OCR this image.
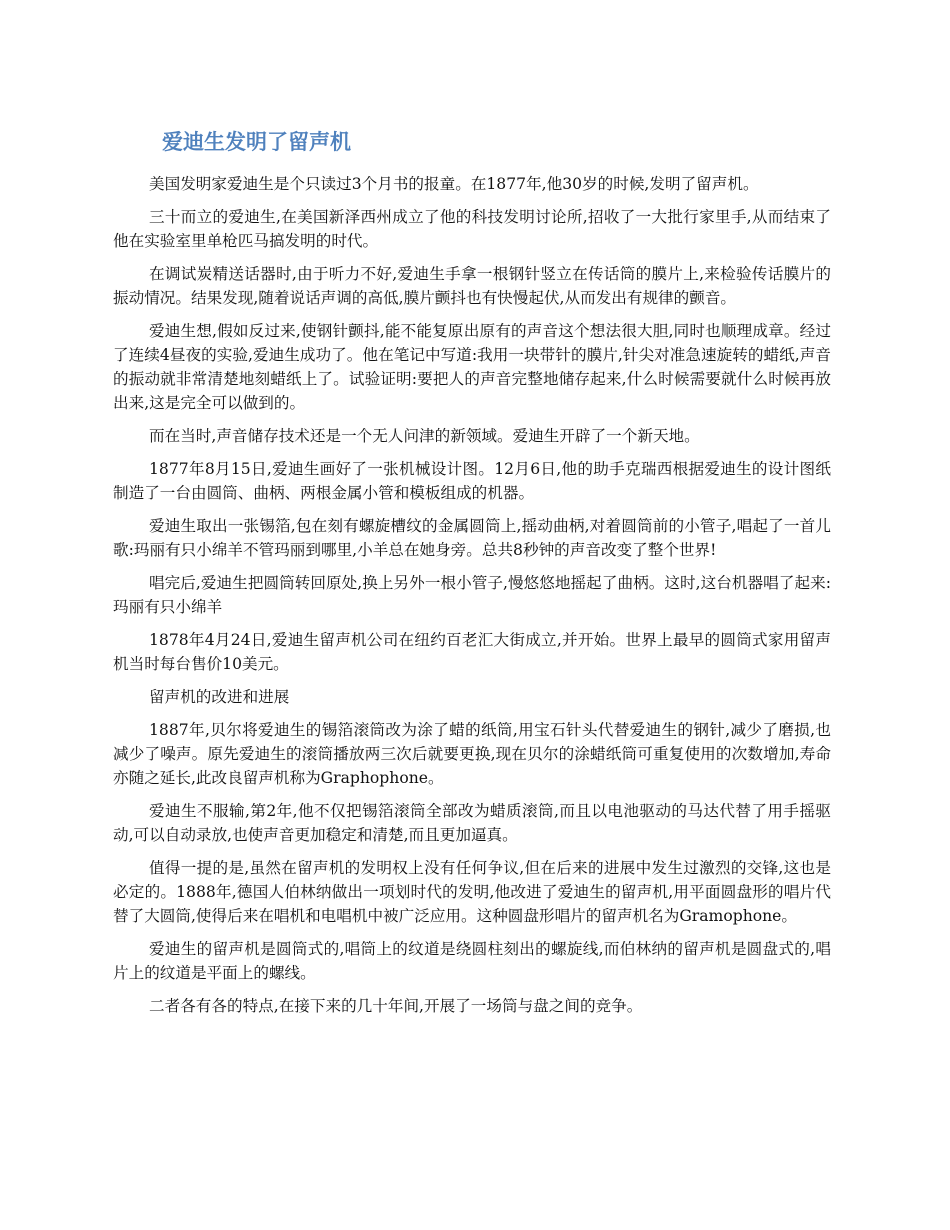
爱迪生发明了留声机

美国发明家爱迪生是个只读过3个月书的报童。在1877年,他30岁的时候,发明了留声机。

三十而立的爱迪生,在美国新泽西州成立了他的科技发明讨论所,招收了一大批行家里手,从而结束了他在实验室里单枪匹马搞发明的时代。

在调试炭精送话器时,由于听力不好,爱迪生手拿一根钢针竖立在传话筒的膜片上,来检验传话膜片的振动情况。结果发现,随着说话声调的高低,膜片颤抖也有快慢起伏,从而发出有规律的颤音。

爱迪生想,假如反过来,使钢针颤抖,能不能复原出原有的声音这个想法很大胆,同时也顺理成章。经过了连续4昼夜的实验,爱迪生成功了。他在笔记中写道:我用一块带针的膜片,针尖对准急速旋转的蜡纸,声音的振动就非常清楚地刻蜡纸上了。试验证明:要把人的声音完整地储存起来,什么时候需要就什么时候再放出来,这是完全可以做到的。

而在当时,声音储存技术还是一个无人问津的新领域。爱迪生开辟了一个新天地。

1877年8月15日,爱迪生画好了一张机械设计图。12月6日,他的助手克瑞西根据爱迪生的设计图纸制造了一台由圆筒、曲柄、两根金属小管和模板组成的机器。

爱迪生取出一张锡箔,包在刻有螺旋槽纹的金属圆筒上,摇动曲柄,对着圆筒前的小管子,唱起了一首儿歌:玛丽有只小绵羊不管玛丽到哪里,小羊总在她身旁。总共8秒钟的声音改变了整个世界!

唱完后,爱迪生把圆筒转回原处,换上另外一根小管子,慢悠悠地摇起了曲柄。这时,这台机器唱了起来:玛丽有只小绵羊

1878年4月24日,爱迪生留声机公司在纽约百老汇大街成立,并开始。世界上最早的圆筒式家用留声机当时每台售价10美元。

留声机的改进和进展

1887年,贝尔将爱迪生的锡箔滚筒改为涂了蜡的纸筒,用宝石针头代替爱迪生的钢针,减少了磨损,也减少了噪声。原先爱迪生的滚筒播放两三次后就要更换,现在贝尔的涂蜡纸筒可重复使用的次数增加,寿命亦随之延长,此改良留声机称为Graphophone。

爱迪生不服输,第2年,他不仅把锡箔滚筒全部改为蜡质滚筒,而且以电池驱动的马达代替了用手摇驱动,可以自动录放,也使声音更加稳定和清楚,而且更加逼真。

值得一提的是,虽然在留声机的发明权上没有任何争议,但在后来的进展中发生过激烈的交锋,这也是必定的。1888年,德国人伯林纳做出一项划时代的发明,他改进了爱迪生的留声机,用平面圆盘形的唱片代替了大圆筒,使得后来在唱机和电唱机中被广泛应用。这种圆盘形唱片的留声机名为Gramophone。

爱迪生的留声机是圆筒式的,唱筒上的纹道是绕圆柱刻出的螺旋线,而伯林纳的留声机是圆盘式的,唱片上的纹道是平面上的螺线。

二者各有各的特点,在接下来的几十年间,开展了一场筒与盘之间的竞争。
